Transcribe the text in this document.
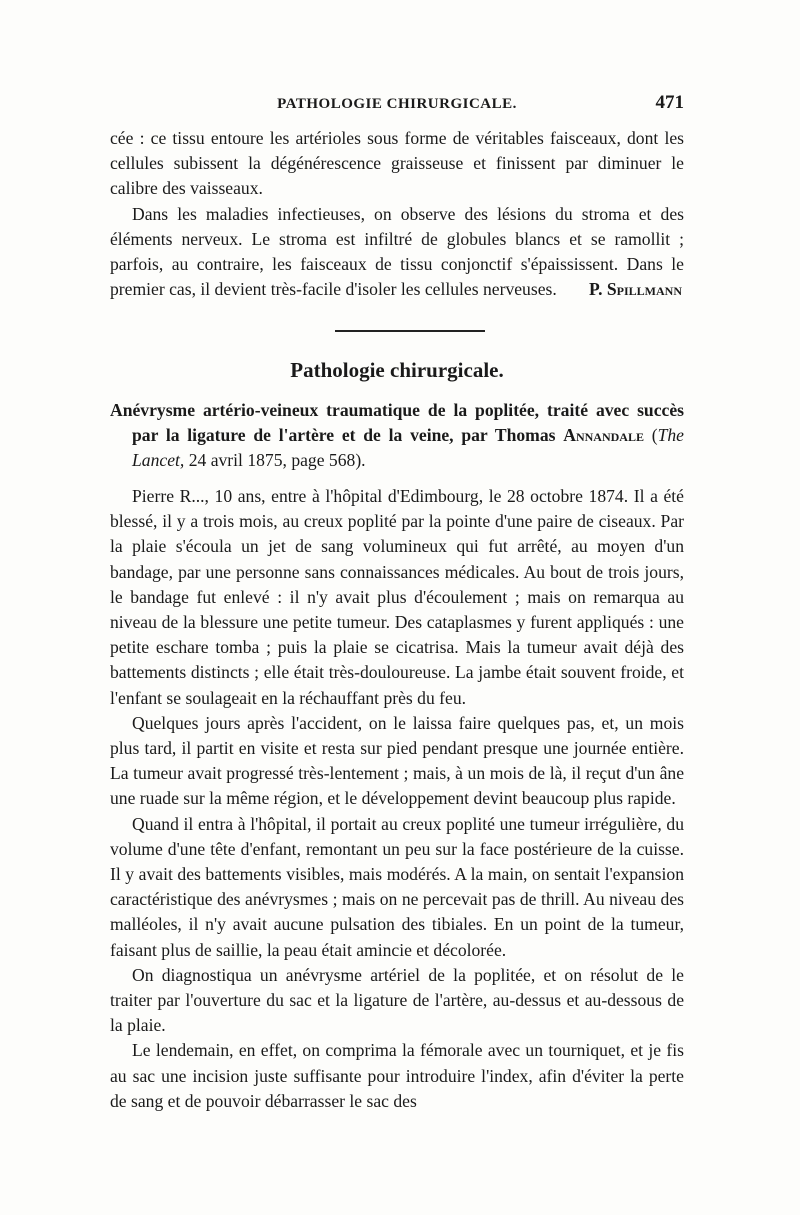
PATHOLOGIE CHIRURGICALE.	471

cée : ce tissu entoure les artérioles sous forme de véritables faisceaux, dont les cellules subissent la dégénérescence graisseuse et finissent par diminuer le calibre des vaisseaux.

Dans les maladies infectieuses, on observe des lésions du stroma et des éléments nerveux. Le stroma est infiltré de globules blancs et se ramollit ; parfois, au contraire, les faisceaux de tissu conjonctif s'épaississent. Dans le premier cas, il devient très-facile d'isoler les cellules nerveuses.	P. Spillmann
Pathologie chirurgicale.
Anévrysme artério-veineux traumatique de la poplitée, traité avec succès par la ligature de l'artère et de la veine, par Thomas Annandale (The Lancet, 24 avril 1875, page 568).

Pierre R..., 10 ans, entre à l'hôpital d'Edimbourg, le 28 octobre 1874. Il a été blessé, il y a trois mois, au creux poplité par la pointe d'une paire de ciseaux. Par la plaie s'écoula un jet de sang volumineux qui fut arrêté, au moyen d'un bandage, par une personne sans connaissances médicales. Au bout de trois jours, le bandage fut enlevé : il n'y avait plus d'écoulement ; mais on remarqua au niveau de la blessure une petite tumeur. Des cataplasmes y furent appliqués : une petite eschare tomba ; puis la plaie se cicatrisa. Mais la tumeur avait déjà des battements distincts ; elle était très-douloureuse. La jambe était souvent froide, et l'enfant se soulageait en la réchauffant près du feu.

Quelques jours après l'accident, on le laissa faire quelques pas, et, un mois plus tard, il partit en visite et resta sur pied pendant presque une journée entière. La tumeur avait progressé très-lentement ; mais, à un mois de là, il reçut d'un âne une ruade sur la même région, et le développement devint beaucoup plus rapide.

Quand il entra à l'hôpital, il portait au creux poplité une tumeur irrégulière, du volume d'une tête d'enfant, remontant un peu sur la face postérieure de la cuisse. Il y avait des battements visibles, mais modérés. A la main, on sentait l'expansion caractéristique des anévrysmes ; mais on ne percevait pas de thrill. Au niveau des malléoles, il n'y avait aucune pulsation des tibiales. En un point de la tumeur, faisant plus de saillie, la peau était amincie et décolorée.

On diagnostiqua un anévrysme artériel de la poplitée, et on résolut de le traiter par l'ouverture du sac et la ligature de l'artère, au-dessus et au-dessous de la plaie.

Le lendemain, en effet, on comprima la fémorale avec un tourniquet, et je fis au sac une incision juste suffisante pour introduire l'index, afin d'éviter la perte de sang et de pouvoir débarrasser le sac des
